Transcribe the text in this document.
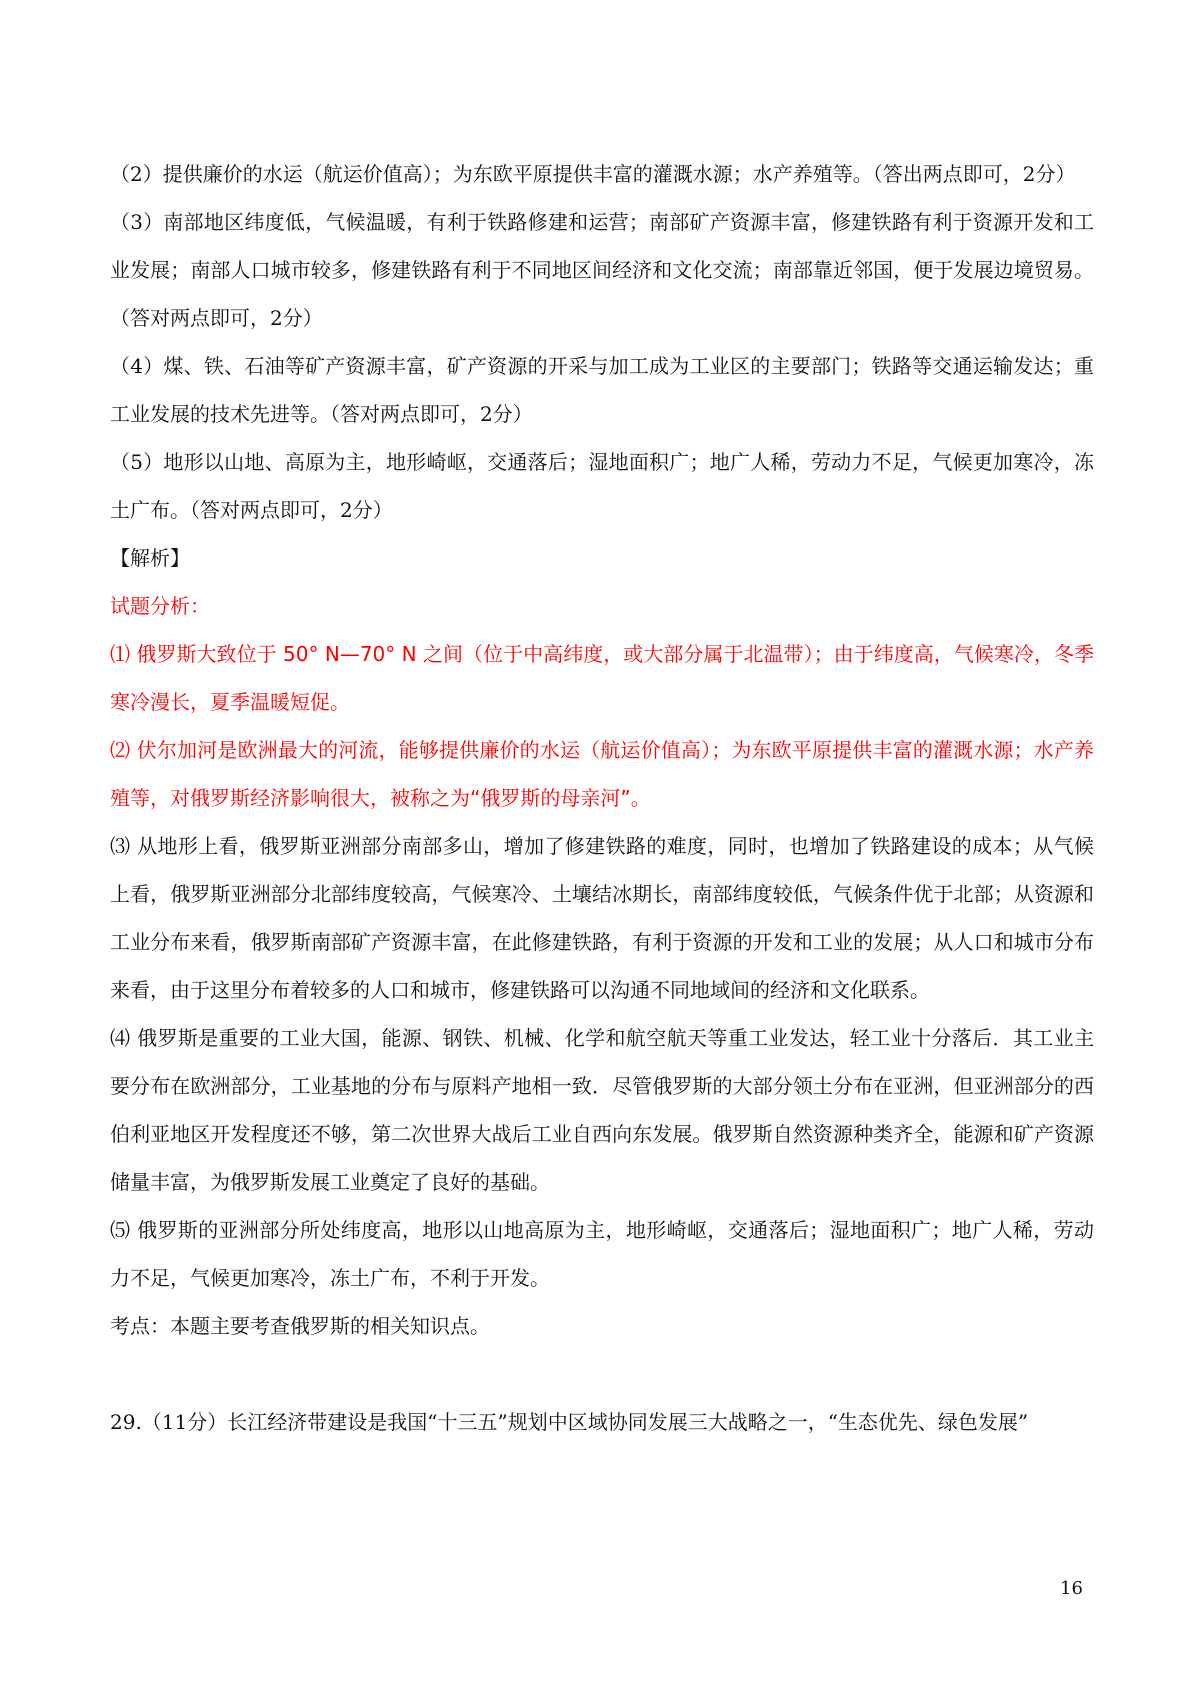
（2）提供廉价的水运（航运价值高）；为东欧平原提供丰富的灌溉水源；水产养殖等。（答出两点即可，2分）

（3）南部地区纬度低，气候温暖，有利于铁路修建和运营；南部矿产资源丰富，修建铁路有利于资源开发和工业发展；南部人口城市较多，修建铁路有利于不同地区间经济和文化交流；南部靠近邻国，便于发展边境贸易。（答对两点即可，2分）

（4）煤、铁、石油等矿产资源丰富，矿产资源的开采与加工成为工业区的主要部门；铁路等交通运输发达；重工业发展的技术先进等。（答对两点即可，2分）

（5）地形以山地、高原为主，地形崎岖，交通落后；湿地面积广；地广人稀，劳动力不足，气候更加寒冷，冻土广布。（答对两点即可，2分）

【解析】

试题分析：

⑴ 俄罗斯大致位于 50° N—70° N 之间（位于中高纬度，或大部分属于北温带）；由于纬度高，气候寒冷，冬季寒冷漫长，夏季温暖短促。

⑵ 伏尔加河是欧洲最大的河流，能够提供廉价的水运（航运价值高）；为东欧平原提供丰富的灌溉水源；水产养殖等，对俄罗斯经济影响很大，被称之为“俄罗斯的母亲河”。

⑶ 从地形上看，俄罗斯亚洲部分南部多山，增加了修建铁路的难度，同时，也增加了铁路建设的成本；从气候上看，俄罗斯亚洲部分北部纬度较高，气候寒冷、土壤结冰期长，南部纬度较低，气候条件优于北部；从资源和工业分布来看，俄罗斯南部矿产资源丰富，在此修建铁路，有利于资源的开发和工业的发展；从人口和城市分布来看，由于这里分布着较多的人口和城市，修建铁路可以沟通不同地域间的经济和文化联系。

⑷ 俄罗斯是重要的工业大国，能源、钢铁、机械、化学和航空航天等重工业发达，轻工业十分落后．其工业主要分布在欧洲部分，工业基地的分布与原料产地相一致．尽管俄罗斯的大部分领土分布在亚洲，但亚洲部分的西伯利亚地区开发程度还不够，第二次世界大战后工业自西向东发展。俄罗斯自然资源种类齐全，能源和矿产资源储量丰富，为俄罗斯发展工业奠定了良好的基础。

⑸ 俄罗斯的亚洲部分所处纬度高，地形以山地高原为主，地形崎岖，交通落后；湿地面积广；地广人稀，劳动力不足，气候更加寒冷，冻土广布，不利于开发。

考点：本题主要考查俄罗斯的相关知识点。

29.（11分）长江经济带建设是我国“十三五”规划中区域协同发展三大战略之一，“生态优先、绿色发展”

16
